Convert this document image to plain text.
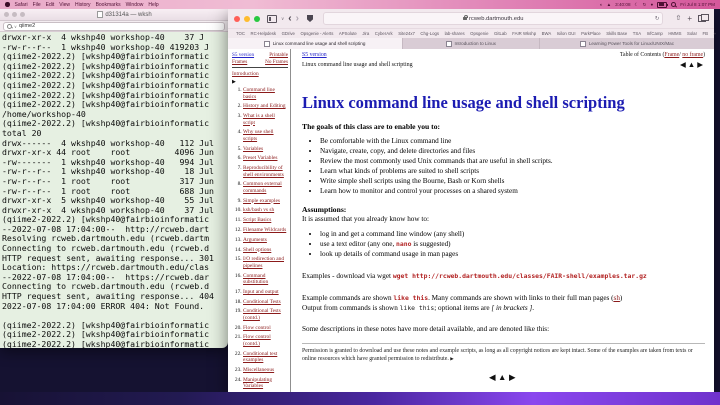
Safari File Edit View History Bookmarks Window Help	◐ ▲ 3:40:08 ☾ ↻ ●	Fri Jul 8 1:07 PM
d31314a — wksh
∨ qiime2
drwxr-xr-x  4 wkshp40 workshop-40    37 J
-rw-r--r--  1 wkshp40 workshop-40 419203 J
(qiime2-2022.2) [wkshp40@fairbioinformatic
(qiime2-2022.2) [wkshp40@fairbioinformatic
(qiime2-2022.2) [wkshp40@fairbioinformatic
(qiime2-2022.2) [wkshp40@fairbioinformatic
(qiime2-2022.2) [wkshp40@fairbioinformatic
(qiime2-2022.2) [wkshp40@fairbioinformatic
/home/workshop-40
(qiime2-2022.2) [wkshp40@fairbioinformatic
total 20
drwx------  4 wkshp40 workshop-40   112 Jul
drwxr-xr-x 44 root    root         4096 Jun
-rw-------  1 wkshp40 workshop-40   994 Jul
-rw-r--r--  1 wkshp40 workshop-40    18 Jul
-rw-r--r--  1 root    root          317 Jun
-rw-r--r--  1 root    root          688 Jun
drwxr-xr-x  5 wkshp40 workshop-40    55 Jul
drwxr-xr-x  4 wkshp40 workshop-40    37 Jul
(qiime2-2022.2) [wkshp40@fairbioinformatic
--2022-07-08 17:04:00--  http://rcweb.dart
Resolving rcweb.dartmouth.edu (rcweb.dartm
Connecting to rcweb.dartmouth.edu (rcweb.d
HTTP request sent, awaiting response... 301
Location: https://rcweb.dartmouth.edu/clas
--2022-07-08 17:04:00--  https://rcweb.dar
Connecting to rcweb.dartmouth.edu (rcweb.d
HTTP request sent, awaiting response... 404
2022-07-08 17:04:00 ERROR 404: Not Found.
(qiime2-2022.2) [wkshp40@fairbioinformatic
(qiime2-2022.2) [wkshp40@fairbioinformatic
(qiime2-2022.2) [wkshp40@fairbioinformatic
∨ ‹ ›	rcweb.dartmouth.edu	↻ ⇧ +
TOC RC-Helpdesk GDrive Opsgenie - Alerts APSolute Jira CyberArk Site24x7 Chg-Logs lab-shares Opsgenie GitLab FAIR Wkshp BWA Isilon GUI ParkPlace Skills Base TSA InfCamp HMMS Solar FB »
Linux command line usage and shell scripting	Introduction to Linux	Learning Power Tools for Linux/UNIX/Mac
S5 version	Printable
Frames	No Frames
Introduction
▶
1. Command line basics
2. History and Editing
3. What is a shell script
4. Why use shell scripts
5. Variables
6. Preset Variables
7. Reproducibility of shell environments
8. Common external commands
9. Simple examples
10. ksh/bash vs sh
11. Script Basics
12. Filename Wildcards
13. Arguments
14. Shell options
15. I/O redirection and pipelines
16. Command substitution
17. Input and output
18. Conditional Tests
19. Conditional Tests (contd.)
20. Flow control
21. Flow control (contd.)
22. Conditional test examples
23. Miscellaneous
24. Manipulating Variables
S5 version
Linux command line usage and shell scripting
Table of Contents (Frame/ no frame)
◀▲▶
Linux command line usage and shell scripting
The goals of this class are to enable you to:
• Be comfortable with the Linux command line
• Navigate, create, copy, and delete directories and files
• Review the most commonly used Unix commands that are useful in shell scripts.
• Learn what kinds of problems are suited to shell scripts
• Write simple shell scripts using the Bourne, Bash or Korn shells
• Learn how to monitor and control your processes on a shared system
Assumptions:

It is assumed that you already know how to:

• log in and get a command line window (any shell)
• use a text editor (any one, nano is suggested)
• look up details of command usage in man pages

Examples - download via wget wget http://rcweb.dartmouth.edu/classes/FAIR-shell/examples.tar.gz

Example commands are shown like this. Many commands are shown with links to their full man pages (sh)
Output from commands is shown like this; optional items are [ in brackets ].

Some descriptions in these notes have more detail available, and are denoted like this:

Permission is granted to download and use these notes and example scripts, as long as all copyright notices are kept intact. Some of the examples are taken from texts or online resources which have granted permission to redistribute. ▶

◀▲▶
